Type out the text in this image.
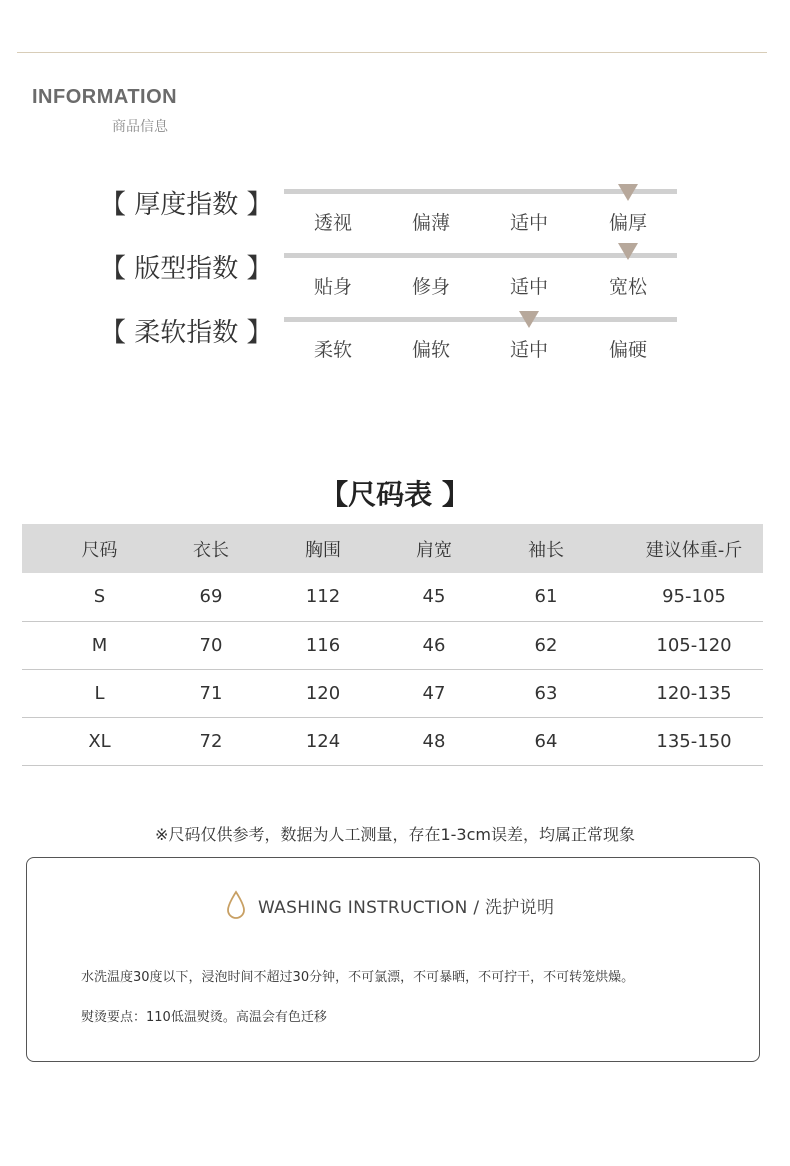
INFORMATION
商品信息
【 厚度指数 】
透视	偏薄	适中	偏厚
【 版型指数 】
贴身	修身	适中	宽松
【 柔软指数 】
柔软	偏软	适中	偏硬
【尺码表 】
尺码	衣长	胸围	肩宽	袖长	建议体重-斤
S	69	112	45	61	95-105
M	70	116	46	62	105-120
L	71	120	47	63	120-135
XL	72	124	48	64	135-150
※尺码仅供参考，数据为人工测量，存在1-3cm误差，均属正常现象
WASHING INSTRUCTION / 洗护说明
水洗温度30度以下，浸泡时间不超过30分钟，不可氯漂，不可暴晒，不可拧干，不可转笼烘燥。
熨烫要点：110低温熨烫。高温会有色迁移
